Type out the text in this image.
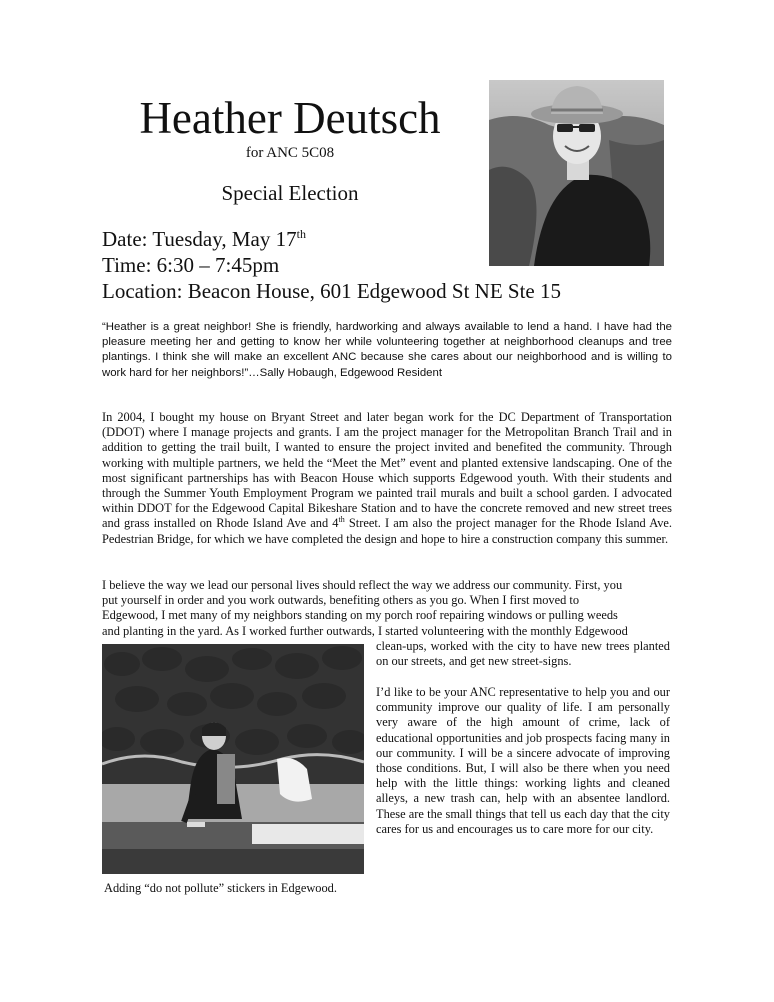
Heather Deutsch
for ANC 5C08
Special Election
Date: Tuesday, May 17th
Time: 6:30 – 7:45pm
Location: Beacon House, 601 Edgewood St NE Ste 15
“Heather is a great neighbor! She is friendly, hardworking and always available to lend a hand. I have had the pleasure meeting her and getting to know her while volunteering together at neighborhood cleanups and tree plantings. I think she will make an excellent ANC because she cares about our neighborhood and is willing to work hard for her neighbors!”…Sally Hobaugh, Edgewood Resident
In 2004, I bought my house on Bryant Street and later began work for the DC Department of Transportation (DDOT) where I manage projects and grants. I am the project manager for the Metropolitan Branch Trail and in addition to getting the trail built, I wanted to ensure the project invited and benefited the community. Through working with multiple partners, we held the “Meet the Met” event and planted extensive landscaping. One of the most significant partnerships has with Beacon House which supports Edgewood youth. With their students and through the Summer Youth Employment Program we painted trail murals and built a school garden. I advocated within DDOT for the Edgewood Capital Bikeshare Station and to have the concrete removed and new street trees and grass installed on Rhode Island Ave and 4th Street. I am also the project manager for the Rhode Island Ave. Pedestrian Bridge, for which we have completed the design and hope to hire a construction company this summer.
I believe the way we lead our personal lives should reflect the way we address our community. First, you
put yourself in order and you work outwards, benefiting others as you go. When I first moved to
Edgewood, I met many of my neighbors standing on my porch roof repairing windows or pulling weeds
and planting in the yard. As I worked further outwards, I started volunteering with the monthly Edgewood
clean-ups, worked with the city to have new trees planted on our streets, and get new street-signs.
I’d like to be your ANC representative to help you and our community improve our quality of life. I am personally very aware of the high amount of crime, lack of educational opportunities and job prospects facing many in our community. I will be a sincere advocate of improving those conditions. But, I will also be there when you need help with the little things: working lights and cleaned alleys, a new trash can, help with an absentee landlord. These are the small things that tell us each day that the city cares for us and encourages us to care more for our city.
Adding “do not pollute” stickers in Edgewood.
